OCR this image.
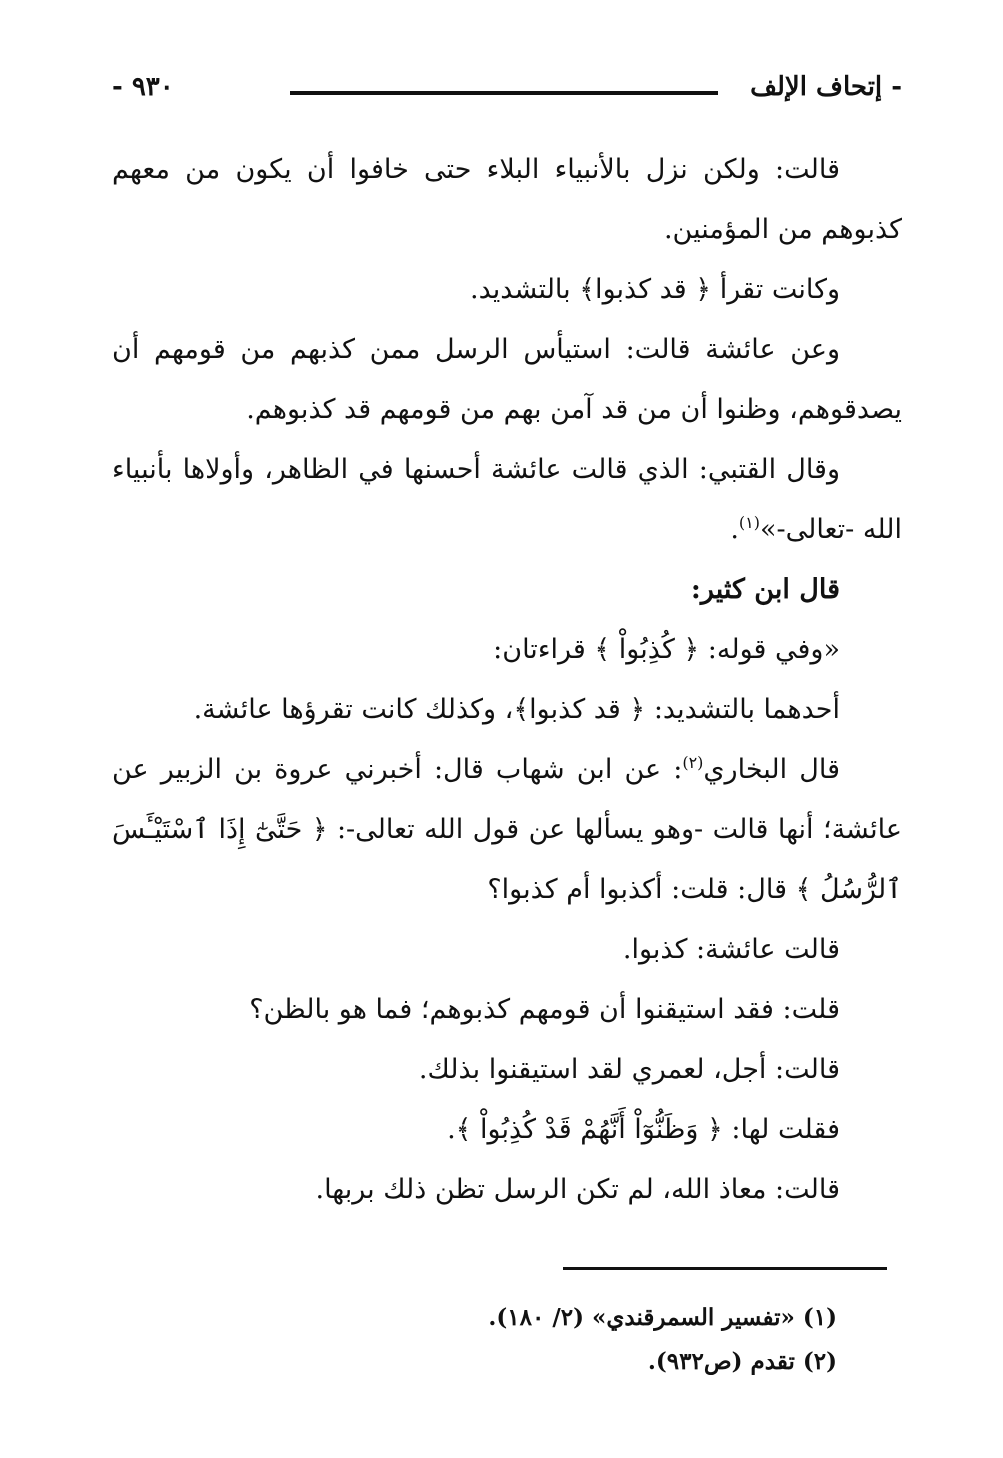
- إتحاف الإلف
٩٣٠ -

قالت: ولكن نزل بالأنبياء البلاء حتى خافوا أن يكون من معهم كذبوهم من المؤمنين.

وكانت تقرأ ﴿ قد كذبوا﴾ بالتشديد.

وعن عائشة قالت: استيأس الرسل ممن كذبهم من قومهم أن يصدقوهم، وظنوا أن من قد آمن بهم من قومهم قد كذبوهم.

وقال القتبي: الذي قالت عائشة أحسنها في الظاهر، وأولاها بأنبياء الله -تعالى-»$^{(١)}$.

قال ابن كثير:

«وفي قوله: ﴿ كُذِبُواْ ﴾ قراءتان:

أحدهما بالتشديد: ﴿ قد كذبوا﴾، وكذلك كانت تقرؤها عائشة.

قال البخاري$^{(٢)}$: عن ابن شهاب قال: أخبرني عروة بن الزبير عن عائشة؛ أنها قالت -وهو يسألها عن قول الله تعالى-: ﴿ حَتَّىٰٓ إِذَا ٱسْتَيْـَٔسَ ٱلرُّسُلُ ﴾ قال: قلت: أكذبوا أم كذبوا؟

قالت عائشة: كذبوا.

قلت: فقد استيقنوا أن قومهم كذبوهم؛ فما هو بالظن؟

قالت: أجل، لعمري لقد استيقنوا بذلك.

فقلت لها: ﴿ وَظَنُّوٓاْ أَنَّهُمْ قَدْ كُذِبُواْ ﴾.

قالت: معاذ الله، لم تكن الرسل تظن ذلك بربها.

(١) «تفسير السمرقندي» (٢/ ١٨٠).

(٢) تقدم (ص٩٣٢).
